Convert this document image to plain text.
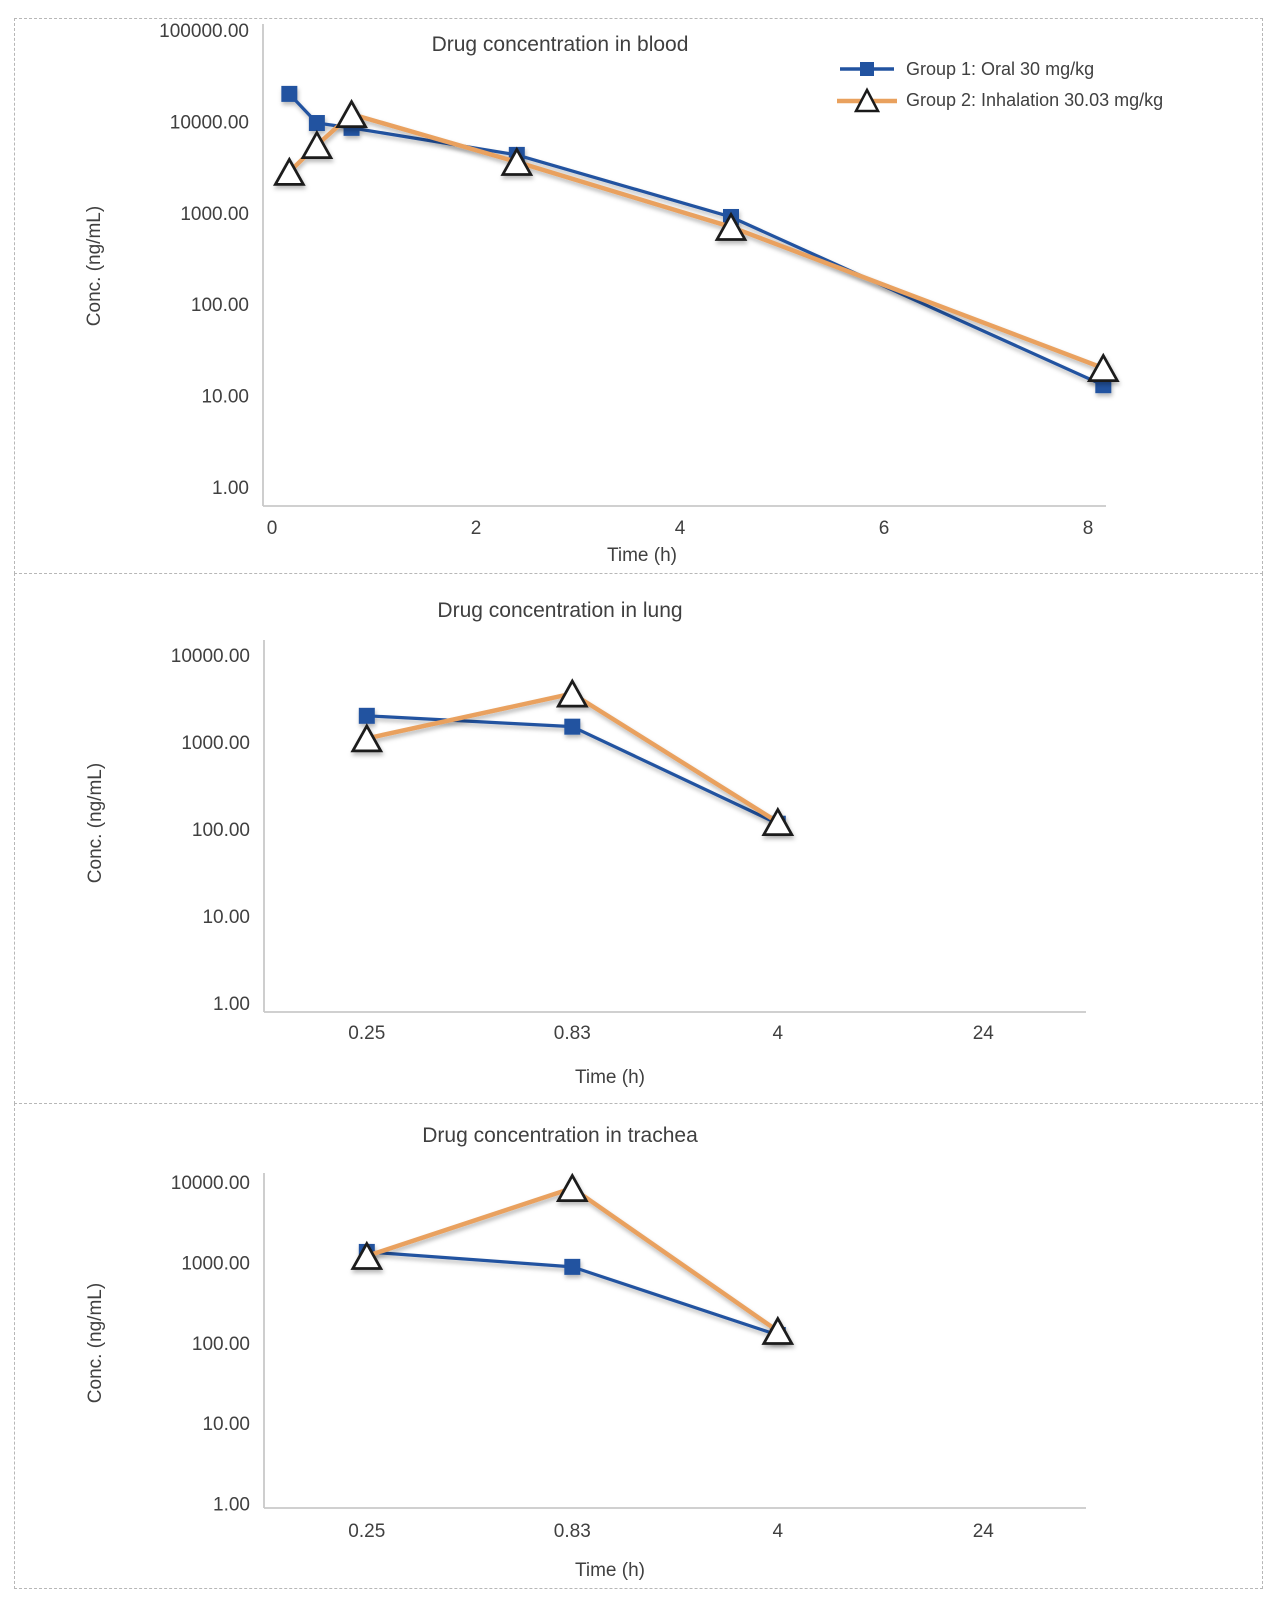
Drug concentration in blood
Time (h)
Conc. (ng/mL)
Drug concentration in lung
Time (h)
Conc. (ng/mL)
Drug concentration in trachea
Time (h)
Conc. (ng/mL)
Group 1: Oral 30 mg/kg
Group 2: Inhalation 30.03 mg/kg
100000.00
10000.00
1000.00
100.00
10.00
1.00
0	2	4	6	8
10000.00
1000.00
100.00
10.00
1.00
0.25	0.83	4	24
10000.00
1000.00
100.00
10.00
1.00
0.25	0.83	4	24
